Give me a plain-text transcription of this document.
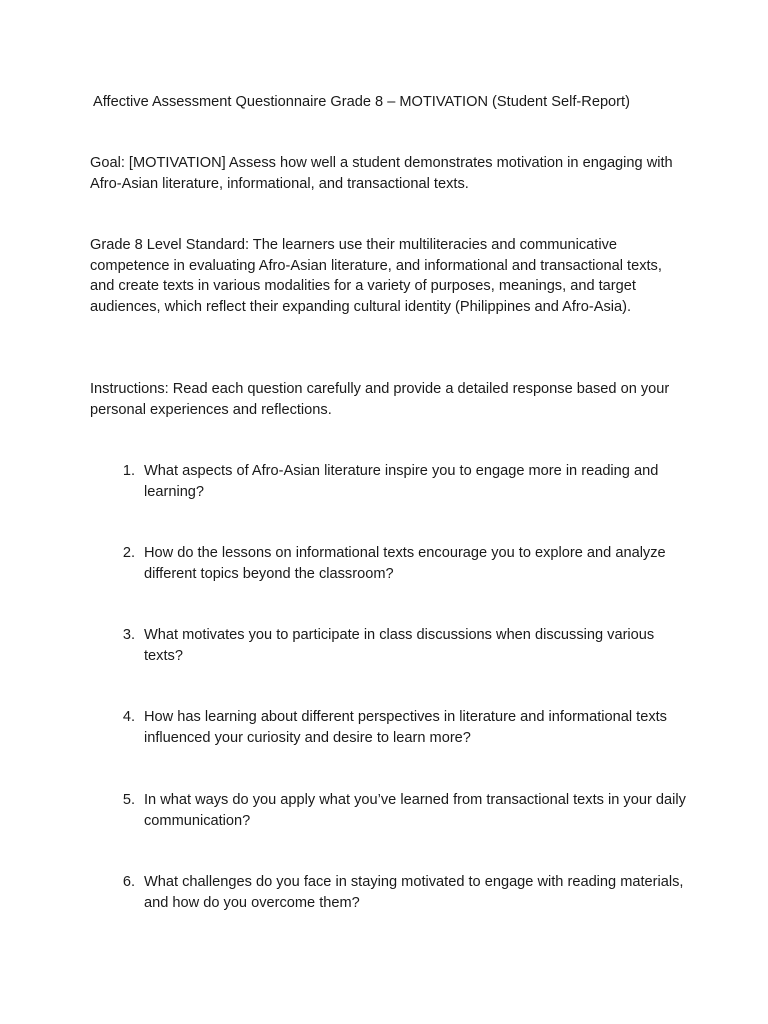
Affective Assessment Questionnaire Grade 8 – MOTIVATION (Student Self-Report)
Goal: [MOTIVATION] Assess how well a student demonstrates motivation in engaging with Afro-Asian literature, informational, and transactional texts.
Grade 8 Level Standard: The learners use their multiliteracies and communicative competence in evaluating Afro-Asian literature, and informational and transactional texts, and create texts in various modalities for a variety of purposes, meanings, and target audiences, which reflect their expanding cultural identity (Philippines and Afro-Asia).
Instructions: Read each question carefully and provide a detailed response based on your personal experiences and reflections.
1. What aspects of Afro-Asian literature inspire you to engage more in reading and learning?
2. How do the lessons on informational texts encourage you to explore and analyze different topics beyond the classroom?
3. What motivates you to participate in class discussions when discussing various texts?
4. How has learning about different perspectives in literature and informational texts influenced your curiosity and desire to learn more?
5. In what ways do you apply what you’ve learned from transactional texts in your daily communication?
6. What challenges do you face in staying motivated to engage with reading materials, and how do you overcome them?
